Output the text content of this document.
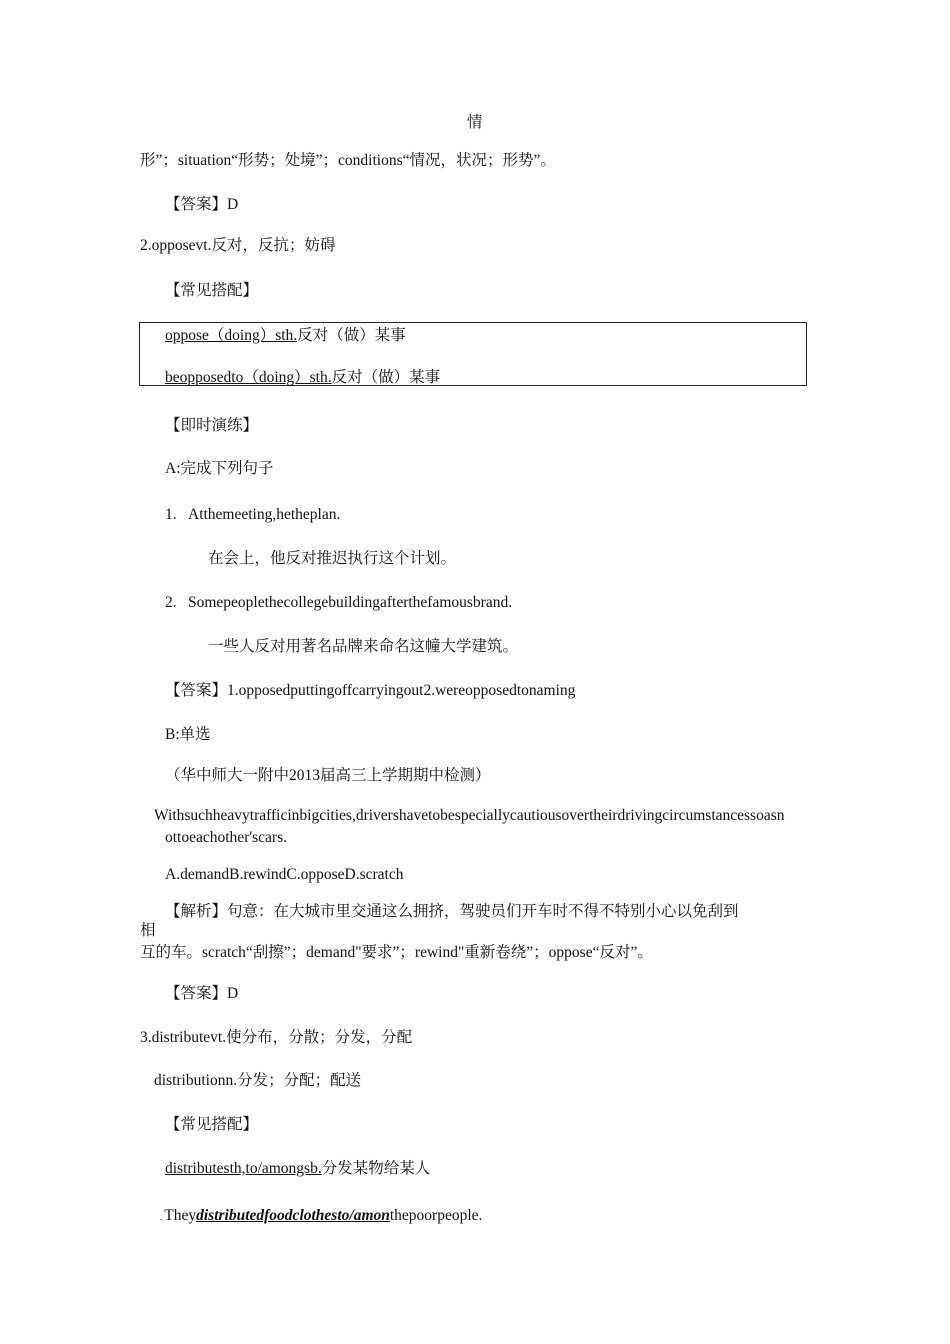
情
形”；situation“形势；处境”；conditions“情况，状况；形势”。
【答案】D
2.opposevt.反对，反抗；妨碍
【常见搭配】
oppose（doing）sth.反对（做）某事
beopposedto（doing）sth.反对（做）某事
【即时演练】
A:完成下列句子
1. Atthemeeting,hetheplan.
在会上，他反对推迟执行这个计划。
2. Somepeoplethecollegebuildingafterthefamousbrand.
一些人反对用著名品牌来命名这幢大学建筑。
【答案】1.opposedputtingoffcarryingout2.wereopposedtonaming
B:单选
（华中师大一附中2013届高三上学期期中检测）
Withsuchheavytrafficinbigcities,drivershavetobespeciallycautiousovertheirdrivingcircumstancessoasn
ottoeachother'scars.
A.demandB.rewindC.opposeD.scratch
【解析】句意：在大城市里交通这么拥挤，驾驶员们开车时不得不特别小心以免刮到
相
互的车。scratch“刮擦”；demand"要求”；rewind"重新卷绕”；oppose“反对”。
【答案】D
3.distributevt.使分布，分散；分发，分配
distributionn.分发；分配；配送
【常见搭配】
distributesth,to/amongsb.分发某物给某人
. Theydistributedfoodclothesto/amonthepoorpeople.
